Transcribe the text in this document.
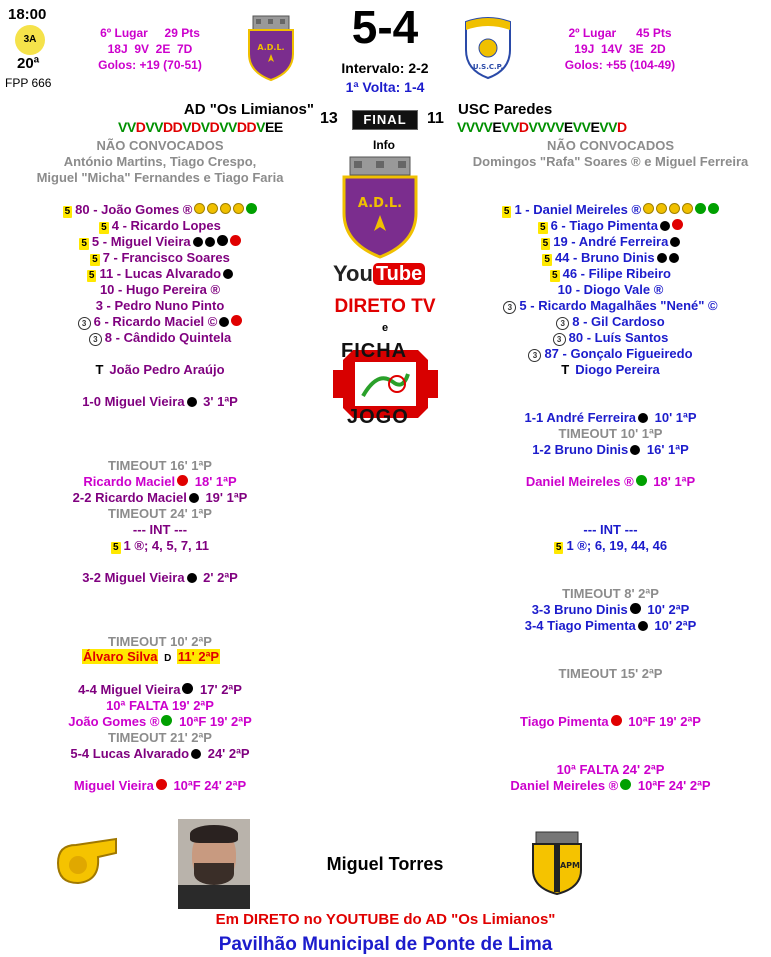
18:00
3A
20ª
FPP 666
6º Lugar     29 Pts
18J  9V  2E  7D
Golos: +19 (70-51)
A.D.L.	5-4
Intervalo: 2-2
1ª Volta: 1-4
U.S.C.P.
2º Lugar      45 Pts
19J  14V  3E  2D
Golos: +55 (104-49)
AD "Os Limianos"
VVDVVDDVDVDVVDDVEE 13	FINAL	11
USC Paredes
VVVVEVVDVVVVEVVEVVD
Info
NÃO CONVOCADOS
António Martins, Tiago Crespo,
Miguel "Micha" Fernandes e Tiago Faria
NÃO CONVOCADOS
Domingos "Rafa" Soares ® e Miguel Ferreira
A.D.L.
You Tube
DIRETO TV
e
FICHA
JOGO
5 80 - João Gomes ®
5 4 - Ricardo Lopes
5 5 - Miguel Vieira
5 7 - Francisco Soares
5 11 - Lucas Alvarado
10 - Hugo Pereira ®
3 - Pedro Nuno Pinto
3 6 - Ricardo Maciel ©
3 8 - Cândido Quintela
5 1 - Daniel Meireles ®
5 6 - Tiago Pimenta
5 19 - André Ferreira
5 44 - Bruno Dinis
5 46 - Filipe Ribeiro
10 - Diogo Vale ®
3 5 - Ricardo Magalhães "Nené" ©
3 8 - Gil Cardoso
3 80 - Luís Santos
3 87 - Gonçalo Figueiredo
T João Pedro Araújo	T Diogo Pereira
1-0 Miguel Vieira 3' 1ªP
TIMEOUT 16' 1ªP
Ricardo Maciel 18' 1ªP
2-2 Ricardo Maciel 19' 1ªP
TIMEOUT 24' 1ªP
--- INT ---
5 1 ®; 4, 5, 7, 11
3-2 Miguel Vieira 2' 2ªP
TIMEOUT 10' 2ªP
4-4 Miguel Vieira 17' 2ªP
10ª FALTA 19' 2ªP
João Gomes ® 10ªF 19' 2ªP
TIMEOUT 21' 2ªP
5-4 Lucas Alvarado 24' 2ªP
Miguel Vieira 10ªF 24' 2ªP
1-1 André Ferreira 10' 1ªP
TIMEOUT 10' 1ªP
1-2 Bruno Dinis 16' 1ªP
Daniel Meireles ® 18' 1ªP
--- INT ---
5 1 ®; 6, 19, 44, 46
TIMEOUT 8' 2ªP
3-3 Bruno Dinis 10' 2ªP
3-4 Tiago Pimenta 10' 2ªP
TIMEOUT 15' 2ªP
Tiago Pimenta 10ªF 19' 2ªP
10ª FALTA 24' 2ªP
Daniel Meireles ® 10ªF 24' 2ªP
Álvaro Silva D 11' 2ªP
Miguel Torres	APM
Em DIRETO no YOUTUBE do AD "Os Limianos"
Pavilhão Municipal de Ponte de Lima
